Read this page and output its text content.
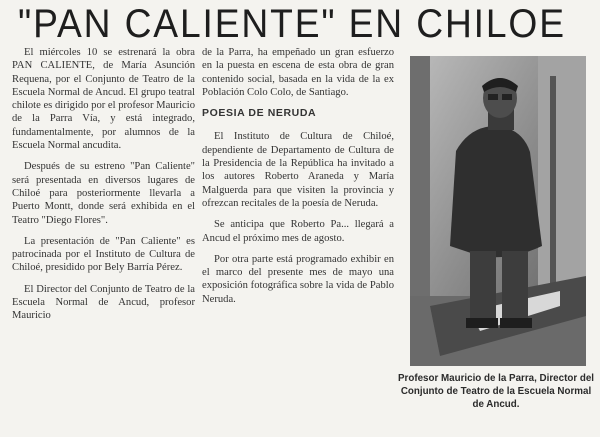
"PAN CALIENTE" EN CHILOE

El miércoles 10 se estrenará la obra PAN CALIENTE, de María Asunción Requena, por el Conjunto de Teatro de la Escuela Normal de Ancud. El grupo teatral chilote es dirigido por el profesor Mauricio de la Parra Vía, y está integrado, fundamentalmente, por alumnos de la Escuela Normal ancudita.

Después de su estreno "Pan Caliente" será presentada en diversos lugares de Chiloé para posteriormente llevarla a Puerto Montt, donde será exhibida en el Teatro "Diego Flores".

La presentación de "Pan Caliente" es patrocinada por el Instituto de Cultura de Chiloé, presidido por Bely Barría Pérez.

El Director del Conjunto de Teatro de la Escuela Normal de Ancud, profesor Mauricio

de la Parra, ha empeñado un gran esfuerzo en la puesta en escena de esta obra de gran contenido social, basada en la vida de la ex Población Colo Colo, de Santiago.

POESIA DE NERUDA

El Instituto de Cultura de Chiloé, dependiente de Departamento de Cultura de la Presidencia de la República ha invitado a los autores Roberto Araneda y María Malguerda para que visiten la provincia y ofrezcan recitales de la poesía de Neruda.

Se anticipa que Roberto Pa... llegará a Ancud el próximo mes de agosto.

Por otra parte está programado exhibir en el marco del presente mes de mayo una exposición fotográfica sobre la vida de Pablo Neruda.

Profesor Mauricio de la Parra, Director del Conjunto de Teatro de la Escuela Normal de Ancud.
